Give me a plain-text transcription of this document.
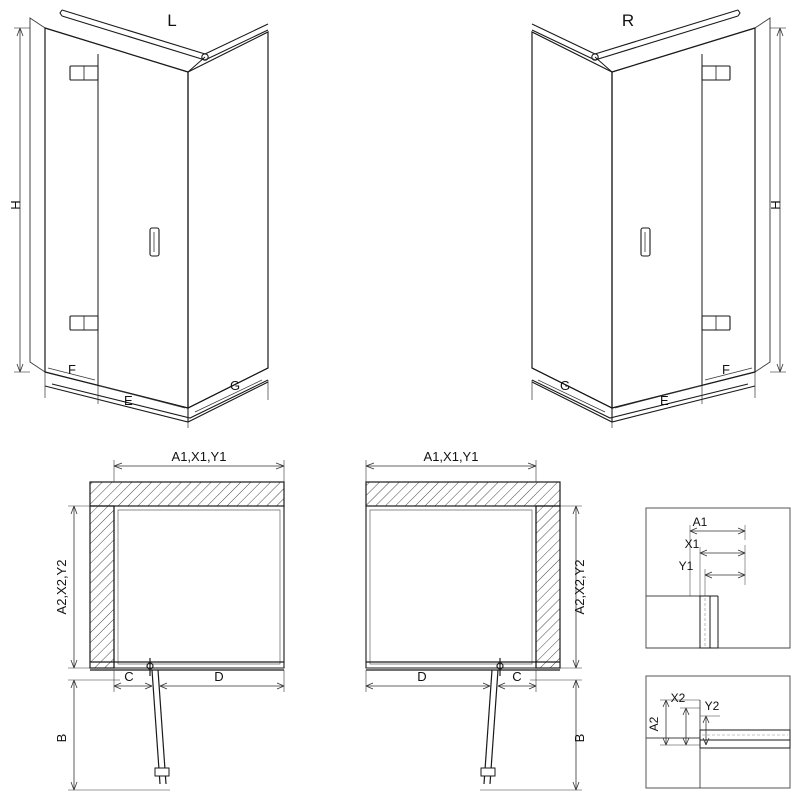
L
H
F
E
G
R
H
F
E
G
A1,X1,Y1
A2,X2,Y2
C	D
B
A1,X1,Y1
A2,X2,Y2
D	C
B
A1
X1
Y1
A2
X2
Y2
